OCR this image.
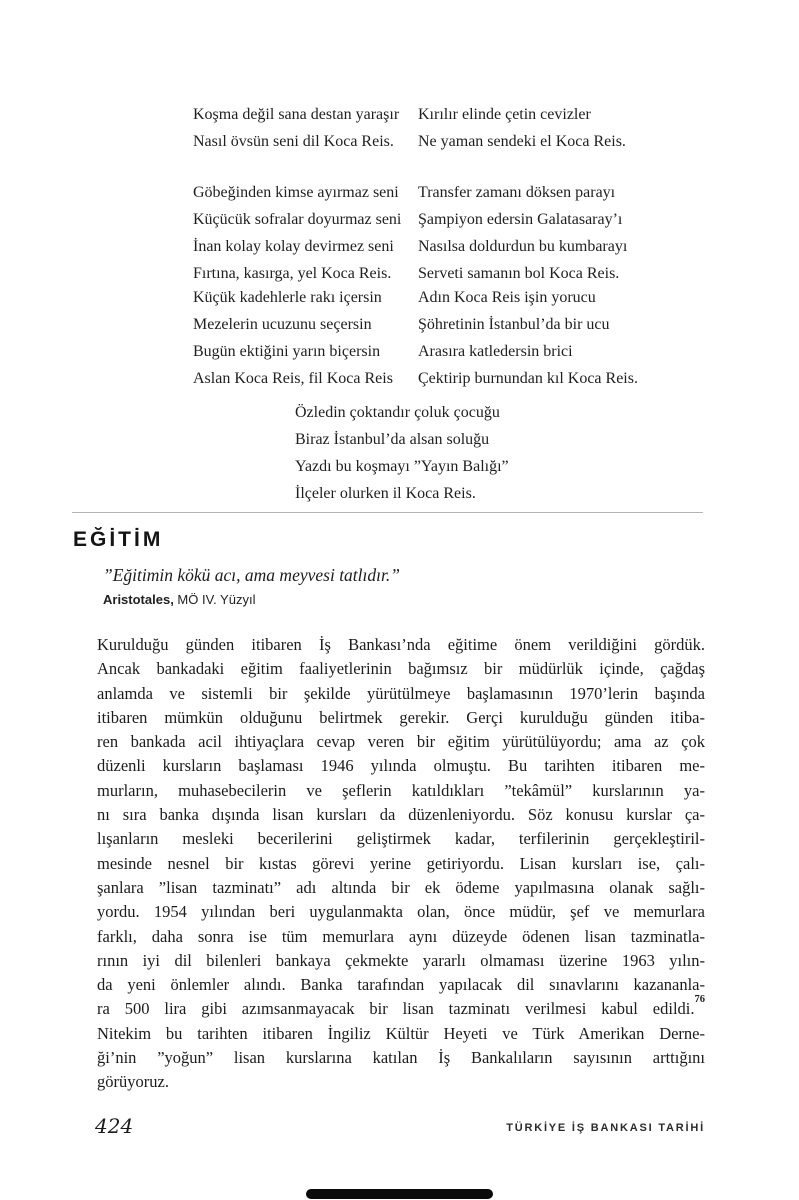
Koşma değil sana destan yaraşır
Nasıl övsün seni dil Koca Reis.
Kırılır elinde çetin cevizler
Ne yaman sendeki el Koca Reis.
Göbeğinden kimse ayırmaz seni
Küçücük sofralar doyurmaz seni
İnan kolay kolay devirmez seni
Fırtına, kasırga, yel Koca Reis.
Transfer zamanı döksen parayı
Şampiyon edersin Galatasaray’ı
Nasılsa doldurdun bu kumbarayı
Serveti samanın bol Koca Reis.
Küçük kadehlerle rakı içersin
Mezelerin ucuzunu seçersin
Bugün ektiğini yarın biçersin
Aslan Koca Reis, fil Koca Reis
Adın Koca Reis işin yorucu
Şöhretinin İstanbul’da bir ucu
Arasıra katledersin brici
Çektirip burnundan kıl Koca Reis.
Özledin çoktandır çoluk çocuğu
Biraz İstanbul’da alsan soluğu
Yazdı bu koşmayı ”Yayın Balığı”
İlçeler olurken il Koca Reis.
EĞİTİM
”Eğitimin kökü acı, ama meyvesi tatlıdır.”
Aristotales, MÖ IV. Yüzyıl
Kurulduğu günden itibaren İş Bankası’nda eğitime önem verildiğini gördük.
Ancak bankadaki eğitim faaliyetlerinin bağımsız bir müdürlük içinde, çağdaş
anlamda ve sistemli bir şekilde yürütülmeye başlamasının 1970’lerin başında
itibaren mümkün olduğunu belirtmek gerekir. Gerçi kurulduğu günden itiba-
ren bankada acil ihtiyaçlara cevap veren bir eğitim yürütülüyordu; ama az çok
düzenli kursların başlaması 1946 yılında olmuştu. Bu tarihten itibaren me-
murların, muhasebecilerin ve şeflerin katıldıkları ”tekâmül” kurslarının ya-
nı sıra banka dışında lisan kursları da düzenleniyordu. Söz konusu kurslar ça-
lışanların mesleki becerilerini geliştirmek kadar, terfilerinin gerçekleştiril-
mesinde nesnel bir kıstas görevi yerine getiriyordu. Lisan kursları ise, çalı-
şanlara ”lisan tazminatı” adı altında bir ek ödeme yapılmasına olanak sağlı-
yordu. 1954 yılından beri uygulanmakta olan, önce müdür, şef ve memurlara
farklı, daha sonra ise tüm memurlara aynı düzeyde ödenen lisan tazminatla-
rının iyi dil bilenleri bankaya çekmekte yararlı olmaması üzerine 1963 yılın-
da yeni önlemler alındı. Banka tarafından yapılacak dil sınavlarını kazananla-
ra 500 lira gibi azımsanmayacak bir lisan tazminatı verilmesi kabul edildi.$^{76}$
Nitekim bu tarihten itibaren İngiliz Kültür Heyeti ve Türk Amerikan Derne-
ği’nin ”yoğun” lisan kurslarına katılan İş Bankalıların sayısının arttığını
görüyoruz.
424	TÜRKİYE İŞ BANKASI TARİHİ
